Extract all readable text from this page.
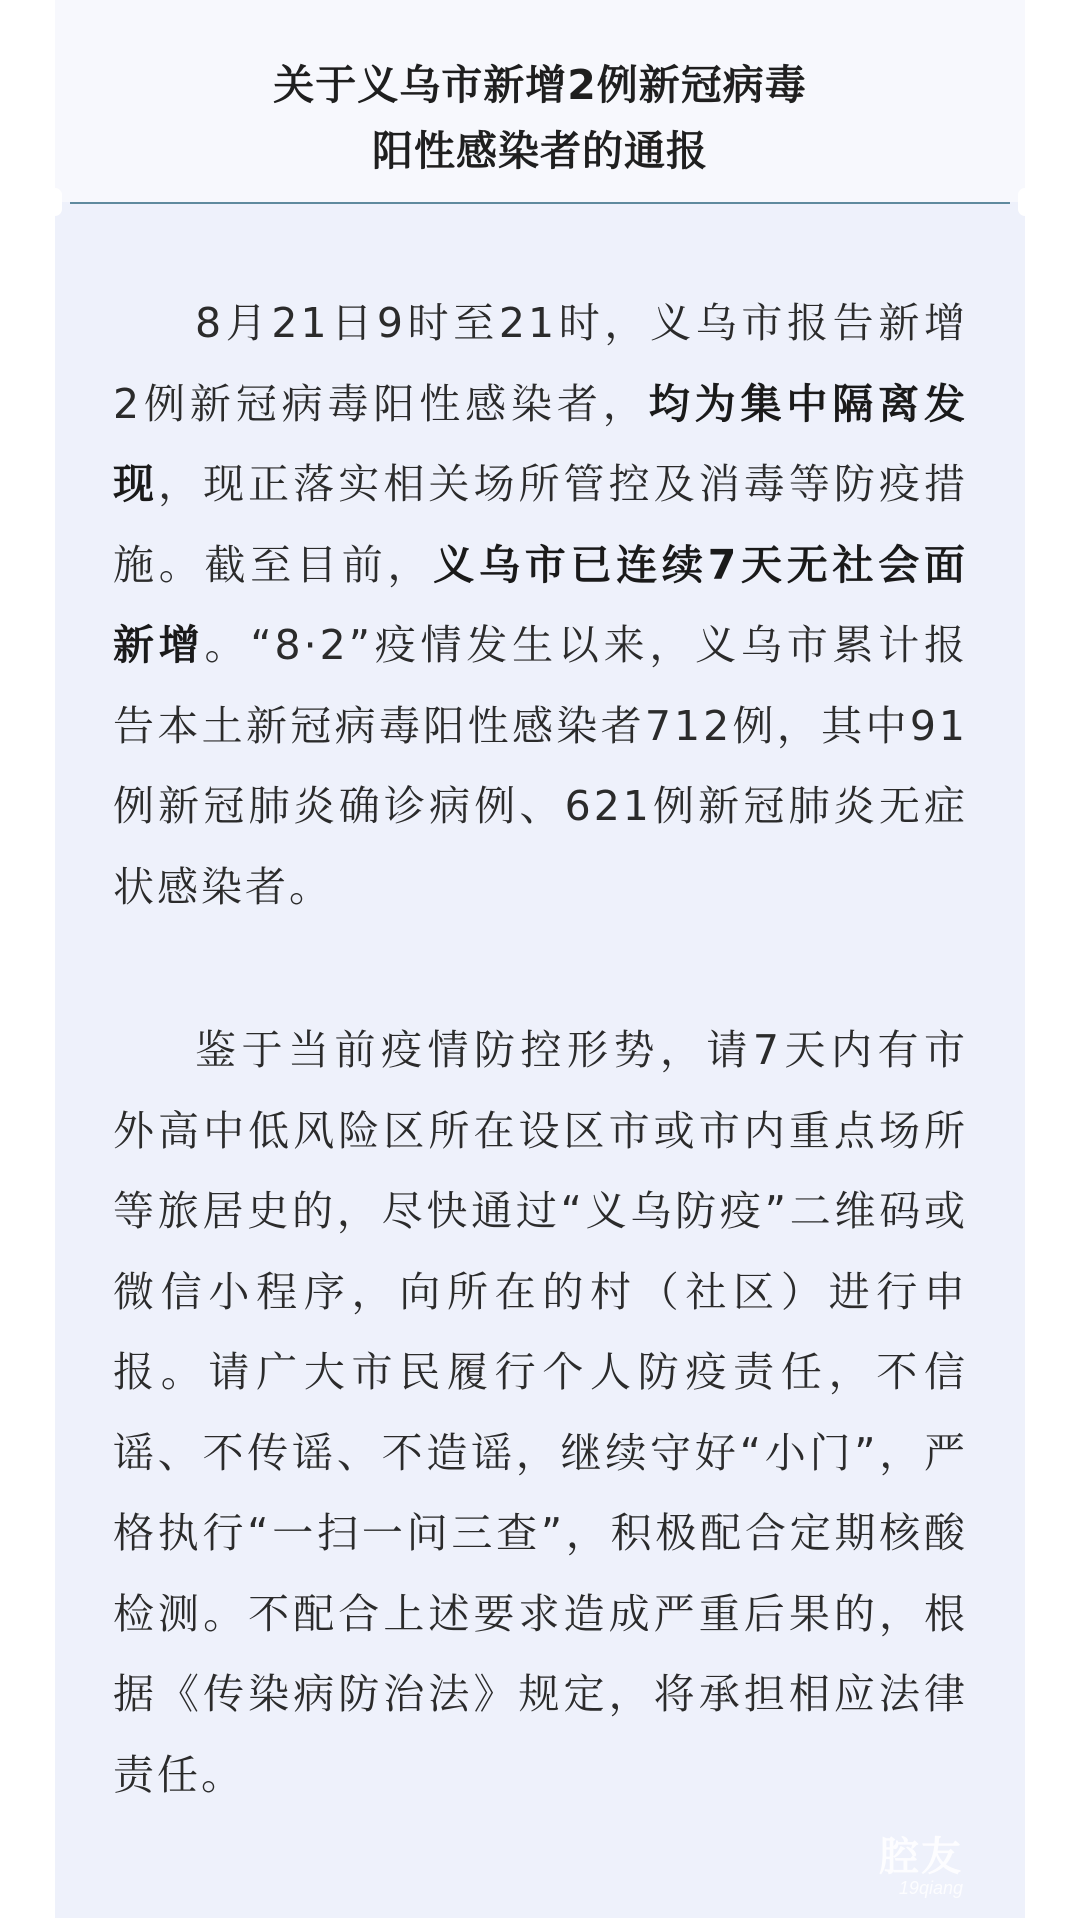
关于义乌市新增2例新冠病毒
阳性感染者的通报

8月21日9时至21时，义乌市报告新增2例新冠病毒阳性感染者，均为集中隔离发现，现正落实相关场所管控及消毒等防疫措施。截至目前，义乌市已连续7天无社会面新增。“8·2”疫情发生以来，义乌市累计报告本土新冠病毒阳性感染者712例，其中91例新冠肺炎确诊病例、621例新冠肺炎无症状感染者。

鉴于当前疫情防控形势，请7天内有市外高中低风险区所在设区市或市内重点场所等旅居史的，尽快通过“义乌防疫”二维码或微信小程序，向所在的村（社区）进行申报。请广大市民履行个人防疫责任，不信谣、不传谣、不造谣，继续守好“小门”，严格执行“一扫一问三查”，积极配合定期核酸检测。不配合上述要求造成严重后果的，根据《传染病防治法》规定，将承担相应法律责任。

腔友
19qiang
